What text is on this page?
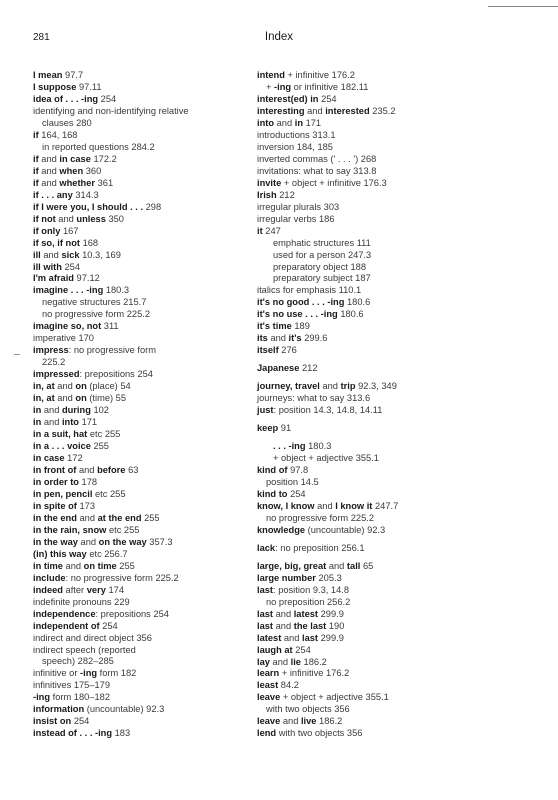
281	Index
I mean 97.7
I suppose 97.11
idea of . . . -ing 254
identifying and non-identifying relative
clauses 280
if 164, 168
in reported questions 284.2
if and in case 172.2
if and when 360
if and whether 361
if . . . any 314.3
if I were you, I should . . . 298
if not and unless 350
if only 167
if so, if not 168
ill and sick 10.3, 169
ill with 254
I'm afraid 97.12
imagine . . . -ing 180.3
negative structures 215.7
no progressive form 225.2
imagine so, not 311
imperative 170
impress: no progressive form
225.2
impressed: prepositions 254
in, at and on (place) 54
in, at and on (time) 55
in and during 102
in and into 171
in a suit, hat etc 255
in a . . . voice 255
in case 172
in front of and before 63
in order to 178
in pen, pencil etc 255
in spite of 173
in the end and at the end 255
in the rain, snow etc 255
in the way and on the way 357.3
(in) this way etc 256.7
in time and on time 255
include: no progressive form 225.2
indeed after very 174
indefinite pronouns 229
independence: prepositions 254
independent of 254
indirect and direct object 356
indirect speech (reported
speech) 282–285
infinitive or -ing form 182
infinitives 175–179
-ing form 180–182
information (uncountable) 92.3
insist on 254
instead of . . . -ing 183
intend + infinitive 176.2
+ -ing or infinitive 182.11
interest(ed) in 254
interesting and interested 235.2
into and in 171
introductions 313.1
inversion 184, 185
inverted commas (' . . . ') 268
invitations: what to say 313.8
invite + object + infinitive 176.3
Irish 212
irregular plurals 303
irregular verbs 186
it 247
emphatic structures 111
used for a person 247.3
preparatory object 188
preparatory subject 187
italics for emphasis 110.1
it's no good . . . -ing 180.6
it's no use . . . -ing 180.6
it's time 189
its and it's 299.6
itself 276
Japanese 212
journey, travel and trip 92.3, 349
journeys: what to say 313.6
just: position 14.3, 14.8, 14.11
keep 91
. . . -ing 180.3
+ object + adjective 355.1
kind of 97.8
position 14.5
kind to 254
know, I know and I know it 247.7
no progressive form 225.2
knowledge (uncountable) 92.3
lack: no preposition 256.1
large, big, great and tall 65
large number 205.3
last: position 9.3, 14.8
no preposition 256.2
last and latest 299.9
last and the last 190
latest and last 299.9
laugh at 254
lay and lie 186.2
learn + infinitive 176.2
least 84.2
leave + object + adjective 355.1
with two objects 356
leave and live 186.2
lend with two objects 356
